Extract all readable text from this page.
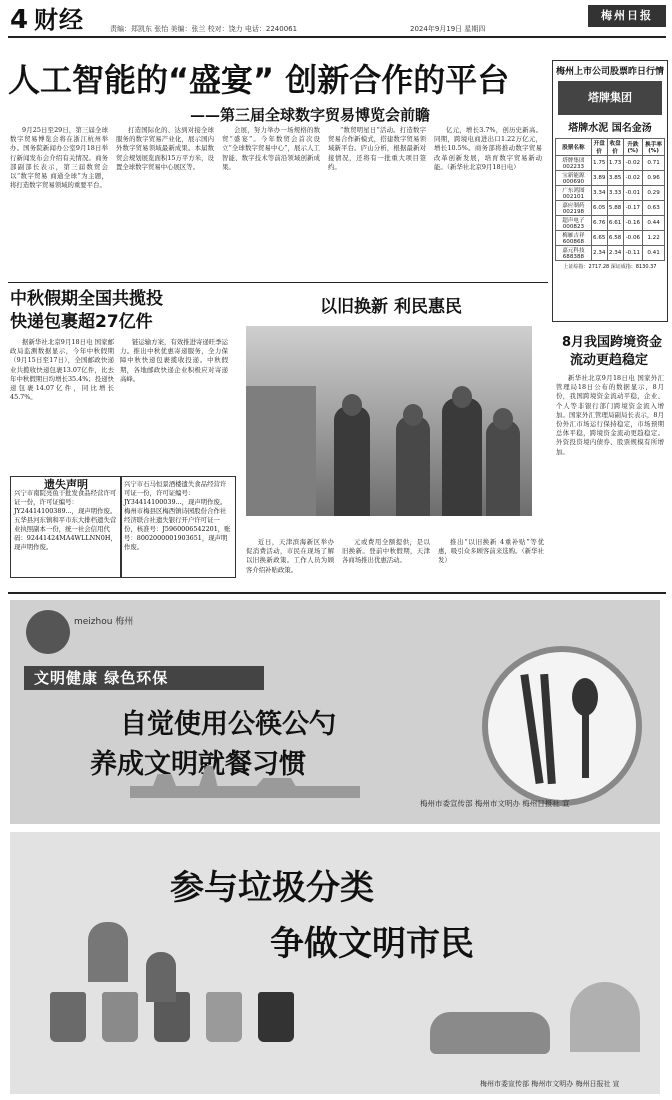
4 财经	责编：郑凯东 张怡 美编：张兰 校对：饶力 电话：2240061	2024年9月19日 星期四
梅州日报
人工智能的“盛宴” 创新合作的平台
——第三届全球数字贸易博览会前瞻

9月25日至29日，第三届全球数字贸易博览会将在浙江杭州举办。国务院新闻办公室9月18日举行新闻发布会介绍有关情况。商务部副部长表示，第三届数贸会以“数字贸易 商通全球”为主题，将打造数字贸易领域的重要平台。

打造国际化的、达到对接全球服务的数字贸易产业化，展示国内外数字贸易领域最新成果。本届数贸会规划展览面积15万平方米，设置全球数字贸易中心展区等。

会展，努力举办一场规格的数贸“盛宴”。今年数贸会首次设立“全球数字贸易中心”，展示人工智能、数字技术等前沿领域创新成果。

“数贸明星日”活动。打造数字贸易合作新模式，搭建数字贸易领域新平台。庐山分析，根据最新对接情况，还将有一批重大项目签约。

亿元，增长3.7%，创历史新高。同期，跨境电商进出口1.22万亿元，增长10.5%。商务部将推动数字贸易改革创新发展，培育数字贸易新动能。（新华社北京9月18日电）

梅州上市公司股票昨日行情
塔牌集团
塔牌水泥 国名金汤
股票名称	开盘价	收盘价	升跌(%)	换手率(%)
塔牌集团 002233	1.75	1.73	-0.02	0.71
宝新能源 000690	3.89	3.85	-0.02	0.96
广东鸿图 002101	3.34	3.33	-0.01	0.29
嘉应制药 002198	6.05	5.88	-0.17	0.63
超声电子 000823	6.76	6.61	-0.16	0.44
梅雁吉祥 600868	6.65	6.58	-0.06	1.22
嘉元科技 688388	2.34	2.34	-0.11	0.41
上证综指：2717.28 深证成指：8130.37
中秋假期全国共揽投
快递包裹超27亿件

据新华社北京9月18日电 国家邮政局监测数据显示，今年中秋假期（9月15日至17日），全国邮政快递业共揽收快递包裹13.07亿件，比去年中秋假期日均增长35.4%；投递快递包裹14.07亿件，同比增长45.7%。

链运输方案，有效推进寄递旺季运力。推出中秋优惠寄递服务，全力保障中秋快递包裹揽收投递。中秋假期，各地邮政快递企业积极应对寄递高峰。

遗失声明
兴宁市南院亮鱼干批发食品经营许可证一份，许可证编号：JY24414100389...，现声明作废。五华县河东镇和平市东大排档遗失营业执照副本一份，统一社会信用代码：92441424MA4WLLNN0H，现声明作废。
兴宁市石马恒景酒楼遗失食品经营许可证一份，许可证编号：JY34414100039...，现声明作废。梅州市梅县区梅西镇诗园股份合作社经济联合社遗失银行开户许可证一份，核准号：J5960006542201，账号：8002000001903651，现声明作废。
以旧换新 利民惠民

近日，天津滨海新区举办促消费活动，市民在现场了解以旧换新政策。工作人员为顾客介绍补贴政策。

元或费用全额提供，是以旧换新。登前中秋假期，天津各商场推出优惠活动。

推出“以旧换新 4重补贴”等优惠，吸引众多顾客前来选购。（新华社发）

8月我国跨境资金
流动更趋稳定

新华社北京9月18日电 国家外汇管理局18日公布的数据显示，8月份，我国跨境资金流动平稳，企业、个人等非银行部门跨境资金流入增加。国家外汇管理局副局长表示，8月份外汇市场运行保持稳定，市场预期总体平稳，跨境资金流动更趋稳定。外资投资境内债券、股票规模有所增加。

meizhou 梅州
文明健康 绿色环保
自觉使用公筷公勺
养成文明就餐习惯
梅州市委宣传部 梅州市文明办 梅州日报社 宣
参与垃圾分类
争做文明市民
梅州市委宣传部 梅州市文明办 梅州日报社 宣
